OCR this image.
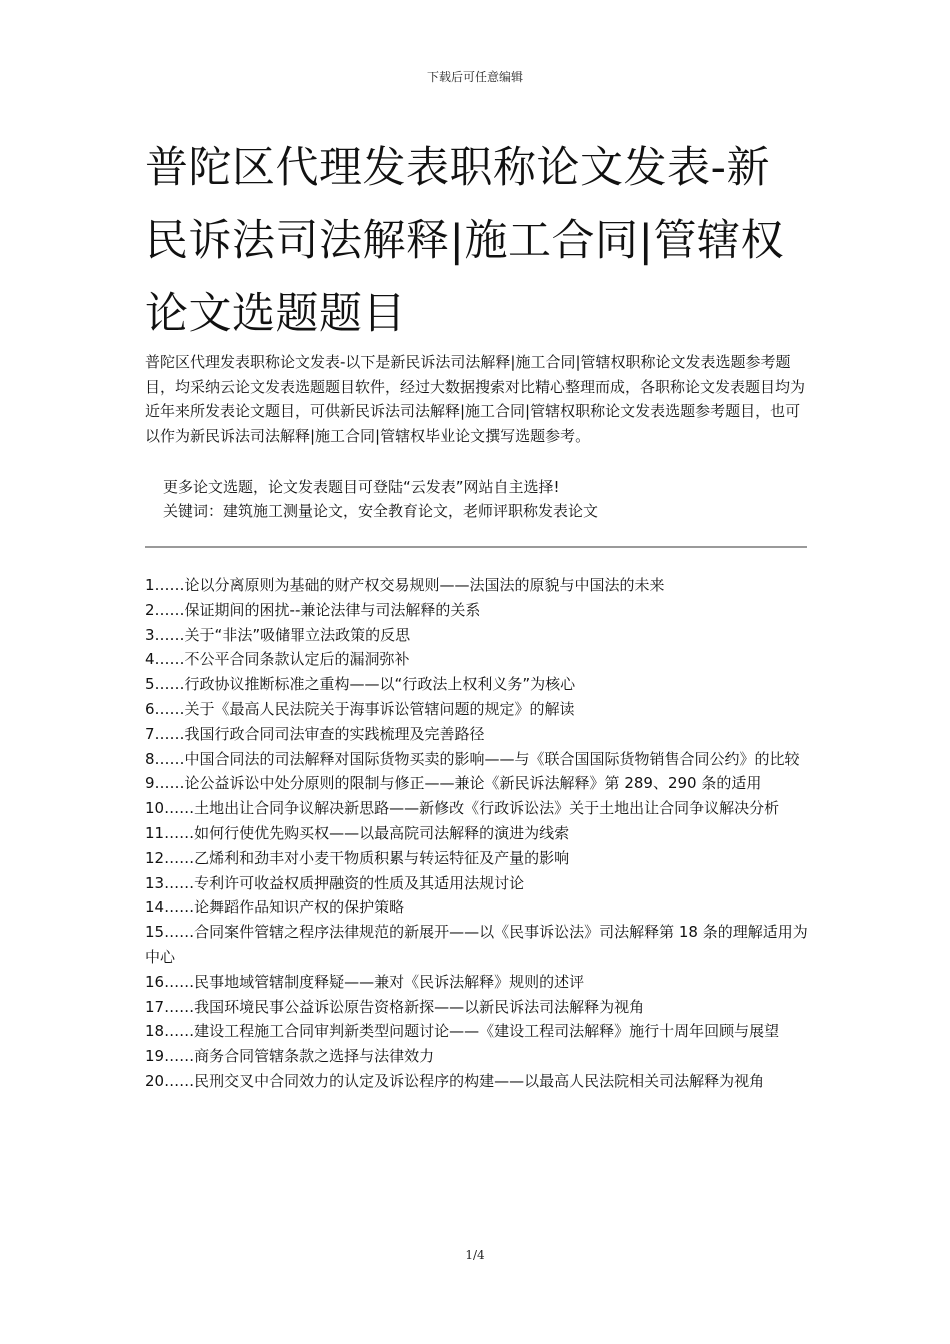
下载后可任意编辑
普陀区代理发表职称论文发表-新民诉法司法解释|施工合同|管辖权论文选题题目

普陀区代理发表职称论文发表-以下是新民诉法司法解释|施工合同|管辖权职称论文发表选题参考题目，均采纳云论文发表选题题目软件，经过大数据搜索对比精心整理而成，各职称论文发表题目均为近年来所发表论文题目，可供新民诉法司法解释|施工合同|管辖权职称论文发表选题参考题目，也可以作为新民诉法司法解释|施工合同|管辖权毕业论文撰写选题参考。

更多论文选题，论文发表题目可登陆“云发表”网站自主选择!

关键词：建筑施工测量论文，安全教育论文，老师评职称发表论文

1……论以分离原则为基础的财产权交易规则——法国法的原貌与中国法的未来
2……保证期间的困扰--兼论法律与司法解释的关系
3……关于“非法”吸储罪立法政策的反思
4……不公平合同条款认定后的漏洞弥补
5……行政协议推断标准之重构——以“行政法上权利义务”为核心
6……关于《最高人民法院关于海事诉讼管辖问题的规定》的解读
7……我国行政合同司法审查的实践梳理及完善路径
8……中国合同法的司法解释对国际货物买卖的影响——与《联合国国际货物销售合同公约》的比较
9……论公益诉讼中处分原则的限制与修正——兼论《新民诉法解释》第 289、290 条的适用
10……土地出让合同争议解决新思路——新修改《行政诉讼法》关于土地出让合同争议解决分析
11……如何行使优先购买权——以最高院司法解释的演进为线索
12……乙烯利和劲丰对小麦干物质积累与转运特征及产量的影响
13……专利许可收益权质押融资的性质及其适用法规讨论
14……论舞蹈作品知识产权的保护策略
15……合同案件管辖之程序法律规范的新展开——以《民事诉讼法》司法解释第 18 条的理解适用为中心
16……民事地域管辖制度释疑——兼对《民诉法解释》规则的述评
17……我国环境民事公益诉讼原告资格新探——以新民诉法司法解释为视角
18……建设工程施工合同审判新类型问题讨论——《建设工程司法解释》施行十周年回顾与展望
19……商务合同管辖条款之选择与法律效力
20……民刑交叉中合同效力的认定及诉讼程序的构建——以最高人民法院相关司法解释为视角
1/4
